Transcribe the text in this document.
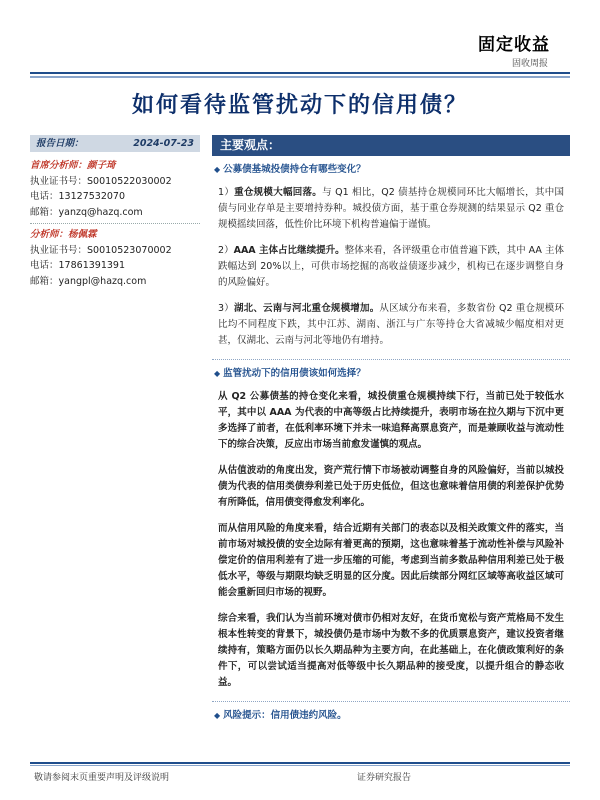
固定收益
固收周报
如何看待监管扰动下的信用债？
报告日期：	2024-07-23
首席分析师：颜子琦
执业证书号：S0010522030002
电话：13127532070
邮箱：yanzq@hazq.com
分析师：杨佩霖
执业证书号：S0010523070002
电话：17861391391
邮箱：yangpl@hazq.com
主要观点：
◆ 公募债基城投债持仓有哪些变化？

1）重仓规模大幅回落。与 Q1 相比，Q2 债基持仓规模同环比大幅增长，其中国债与同业存单是主要增持券种。城投债方面，基于重仓券规测的结果显示 Q2 重仓规模摇续回落，低性价比环境下机构普遍偏于谨慎。

2）AAA 主体占比继续提升。整体来看，各评级重仓市值普遍下跌，其中 AA 主体跌幅达到 20%以上，可供市场挖掘的高收益债逐步减少，机构已在逐步调整自身的风险偏好。

3）湖北、云南与河北重仓规模增加。从区域分布来看，多数省份 Q2 重仓规模环比均不同程度下跌，其中江苏、湖南、浙江与广东等持仓大省减城少幅度相对更甚，仅湖北、云南与河北等地仍有增持。

◆ 监管扰动下的信用债该如何选择？

从 Q2 公募债基的持仓变化来看，城投债重仓规模持续下行，当前已处于较低水平，其中以 AAA 为代表的中高等级占比持续提升，表明市场在拉久期与下沉中更多选择了前者，在低利率环境下并未一味追释高票息资产，而是兼顾收益与流动性下的综合决策，反应出市场当前愈发谨慎的观点。

从估值波动的角度出发，资产荒行情下市场被动调整自身的风险偏好，当前以城投债为代表的信用类债券利差已处于历史低位，但这也意味着信用债的利差保护优势有所降低，信用债变得愈发利率化。

而从信用风险的角度来看，结合近期有关部门的表态以及相关政策文件的落实，当前市场对城投债的安全边际有着更高的预期，这也意味着基于流动性补偿与风险补偿定价的信用利差有了进一步压缩的可能，考虑到当前多数品种信用利差已处于极低水平，等级与期限均缺乏明显的区分度。因此后续部分网红区域等高收益区域可能会重新回归市场的视野。

综合来看，我们认为当前环境对债市仍相对友好，在货币宽松与资产荒格局不发生根本性转变的背景下，城投债仍是市场中为数不多的优质票息资产，建议投资者继续持有，策略方面仍以长久期品种为主要方向，在此基础上，在化债政策利好的条件下，可以尝试适当提高对低等级中长久期品种的接受度，以提升组合的静态收益。

◆ 风险提示：信用债违约风险。
敬请参阅末页重要声明及评级说明	证券研究报告
